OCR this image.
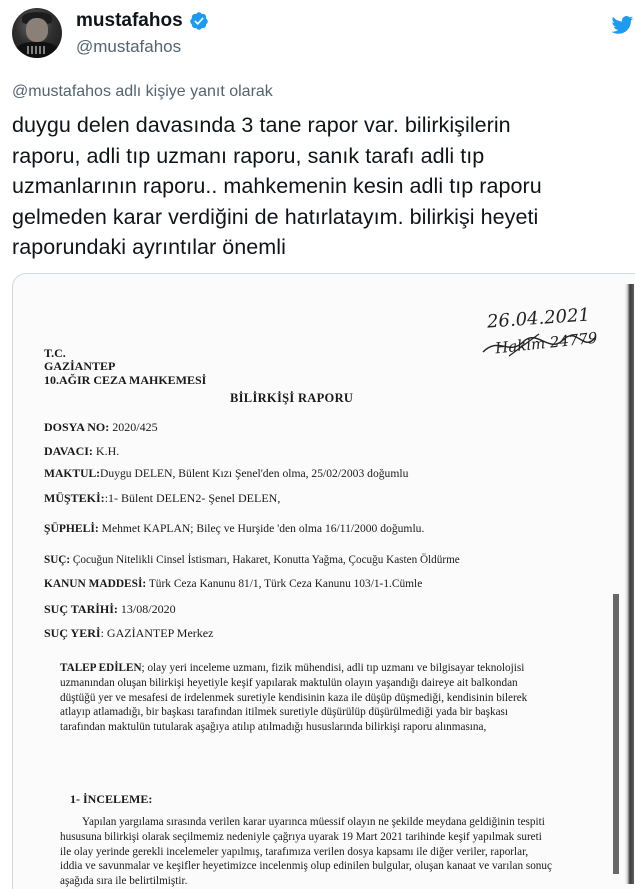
mustafahos
@mustafahos
@mustafahos adlı kişiye yanıt olarak
duygu delen davasında 3 tane rapor var. bilirkişilerin
raporu, adli tıp uzmanı raporu, sanık tarafı adli tıp
uzmanlarının raporu.. mahkemenin kesin adli tıp raporu
gelmeden karar verdiğini de hatırlatayım. bilirkişi heyeti
raporundaki ayrıntılar önemli
26.04.2021
Hakim 24779
T.C.
GAZİANTEP
10.AĞIR CEZA MAHKEMESİ
BİLİRKİŞİ RAPORU
DOSYA NO: 2020/425
DAVACI: K.H.
MAKTUL:Duygu DELEN, Bülent Kızı Şenel'den olma, 25/02/2003 doğumlu
MÜŞTEKİ::1- Bülent DELEN2- Şenel DELEN,
ŞÜPHELİ: Mehmet KAPLAN; Bileç ve Hurşide 'den olma 16/11/2000 doğumlu.
SUÇ: Çocuğun Nitelikli Cinsel İstismarı, Hakaret, Konutta Yağma, Çocuğu Kasten Öldürme
KANUN MADDESİ: Türk Ceza Kanunu 81/1, Türk Ceza Kanunu 103/1-1.Cümle
SUÇ TARİHİ: 13/08/2020
SUÇ YERİ: GAZİANTEP Merkez
TALEP EDİLEN; olay yeri inceleme uzmanı, fizik mühendisi, adli tıp uzmanı ve bilgisayar teknolojisi
uzmanından oluşan bilirkişi heyetiyle keşif yapılarak maktulün olayın yaşandığı daireye ait balkondan
düştüğü yer ve mesafesi de irdelenmek suretiyle kendisinin kaza ile düşüp düşmediği, kendisinin bilerek
atlayıp atlamadığı, bir başkası tarafından itilmek suretiyle düşürülüp düşürülmediği yada bir başkası
tarafından maktulün tutularak aşağıya atılıp atılmadığı hususlarında bilirkişi raporu alınmasına,
1- İNCELEME:
Yapılan yargılama sırasında verilen karar uyarınca müessif olayın ne şekilde meydana geldiğinin tespiti
hususuna bilirkişi olarak seçilmemiz nedeniyle çağrıya uyarak 19 Mart 2021 tarihinde keşif yapılmak sureti
ile olay yerinde gerekli incelemeler yapılmış, tarafımıza verilen dosya kapsamı ile diğer veriler, raporlar,
iddia ve savunmalar ve keşifler heyetimizce incelenmiş olup edinilen bulgular, oluşan kanaat ve varılan sonuç
aşağıda sıra ile belirtilmiştir.
